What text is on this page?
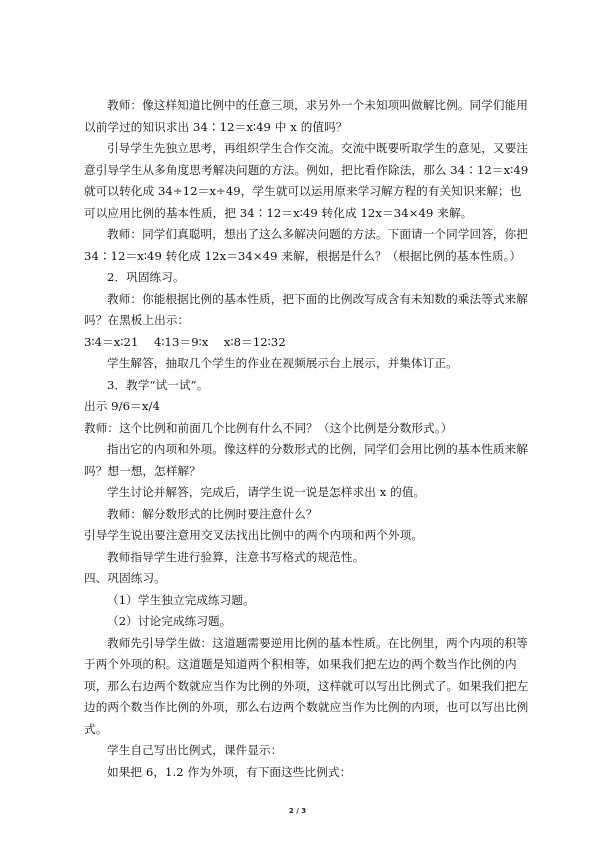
教师：像这样知道比例中的任意三项，求另外一个未知项叫做解比例。同学们能用以前学过的知识求出 34∶12＝x∶49 中 x 的值吗？

引导学生先独立思考，再组织学生合作交流。交流中既要听取学生的意见，又要注意引导学生从多角度思考解决问题的方法。例如，把比看作除法，那么 34∶12＝x∶49 就可以转化成 34÷12＝x÷49，学生就可以运用原来学习解方程的有关知识来解；也可以应用比例的基本性质，把 34∶12＝x∶49 转化成 12x＝34×49 来解。

教师：同学们真聪明，想出了这么多解决问题的方法。下面请一个同学回答，你把 34∶12＝x∶49 转化成 12x＝34×49 来解，根据是什么？（根据比例的基本性质。）

2．巩固练习。

教师：你能根据比例的基本性质，把下面的比例改写成含有未知数的乘法等式来解吗？在黑板上出示：

3∶4＝x∶21　 4∶13＝9∶x　 x∶8＝12∶32

学生解答，抽取几个学生的作业在视频展示台上展示，并集体订正。

3．教学“试一试”。

出示 9/6＝x/4

教师：这个比例和前面几个比例有什么不同？（这个比例是分数形式。）

指出它的内项和外项。像这样的分数形式的比例，同学们会用比例的基本性质来解吗？想一想，怎样解？

学生讨论并解答，完成后，请学生说一说是怎样求出 x 的值。

教师：解分数形式的比例时要注意什么？

引导学生说出要注意用交叉法找出比例中的两个内项和两个外项。

教师指导学生进行验算，注意书写格式的规范性。

四、巩固练习。

（1）学生独立完成练习题。

（2）讨论完成练习题。

教师先引导学生做：这道题需要逆用比例的基本性质。在比例里，两个内项的积等于两个外项的积。这道题是知道两个积相等，如果我们把左边的两个数当作比例的内项，那么右边两个数就应当作为比例的外项，这样就可以写出比例式了。如果我们把左边的两个数当作比例的外项，那么右边两个数就应当作为比例的内项，也可以写出比例式。

学生自己写出比例式，课件显示：

如果把 6，1.2 作为外项，有下面这些比例式：

2 / 3
